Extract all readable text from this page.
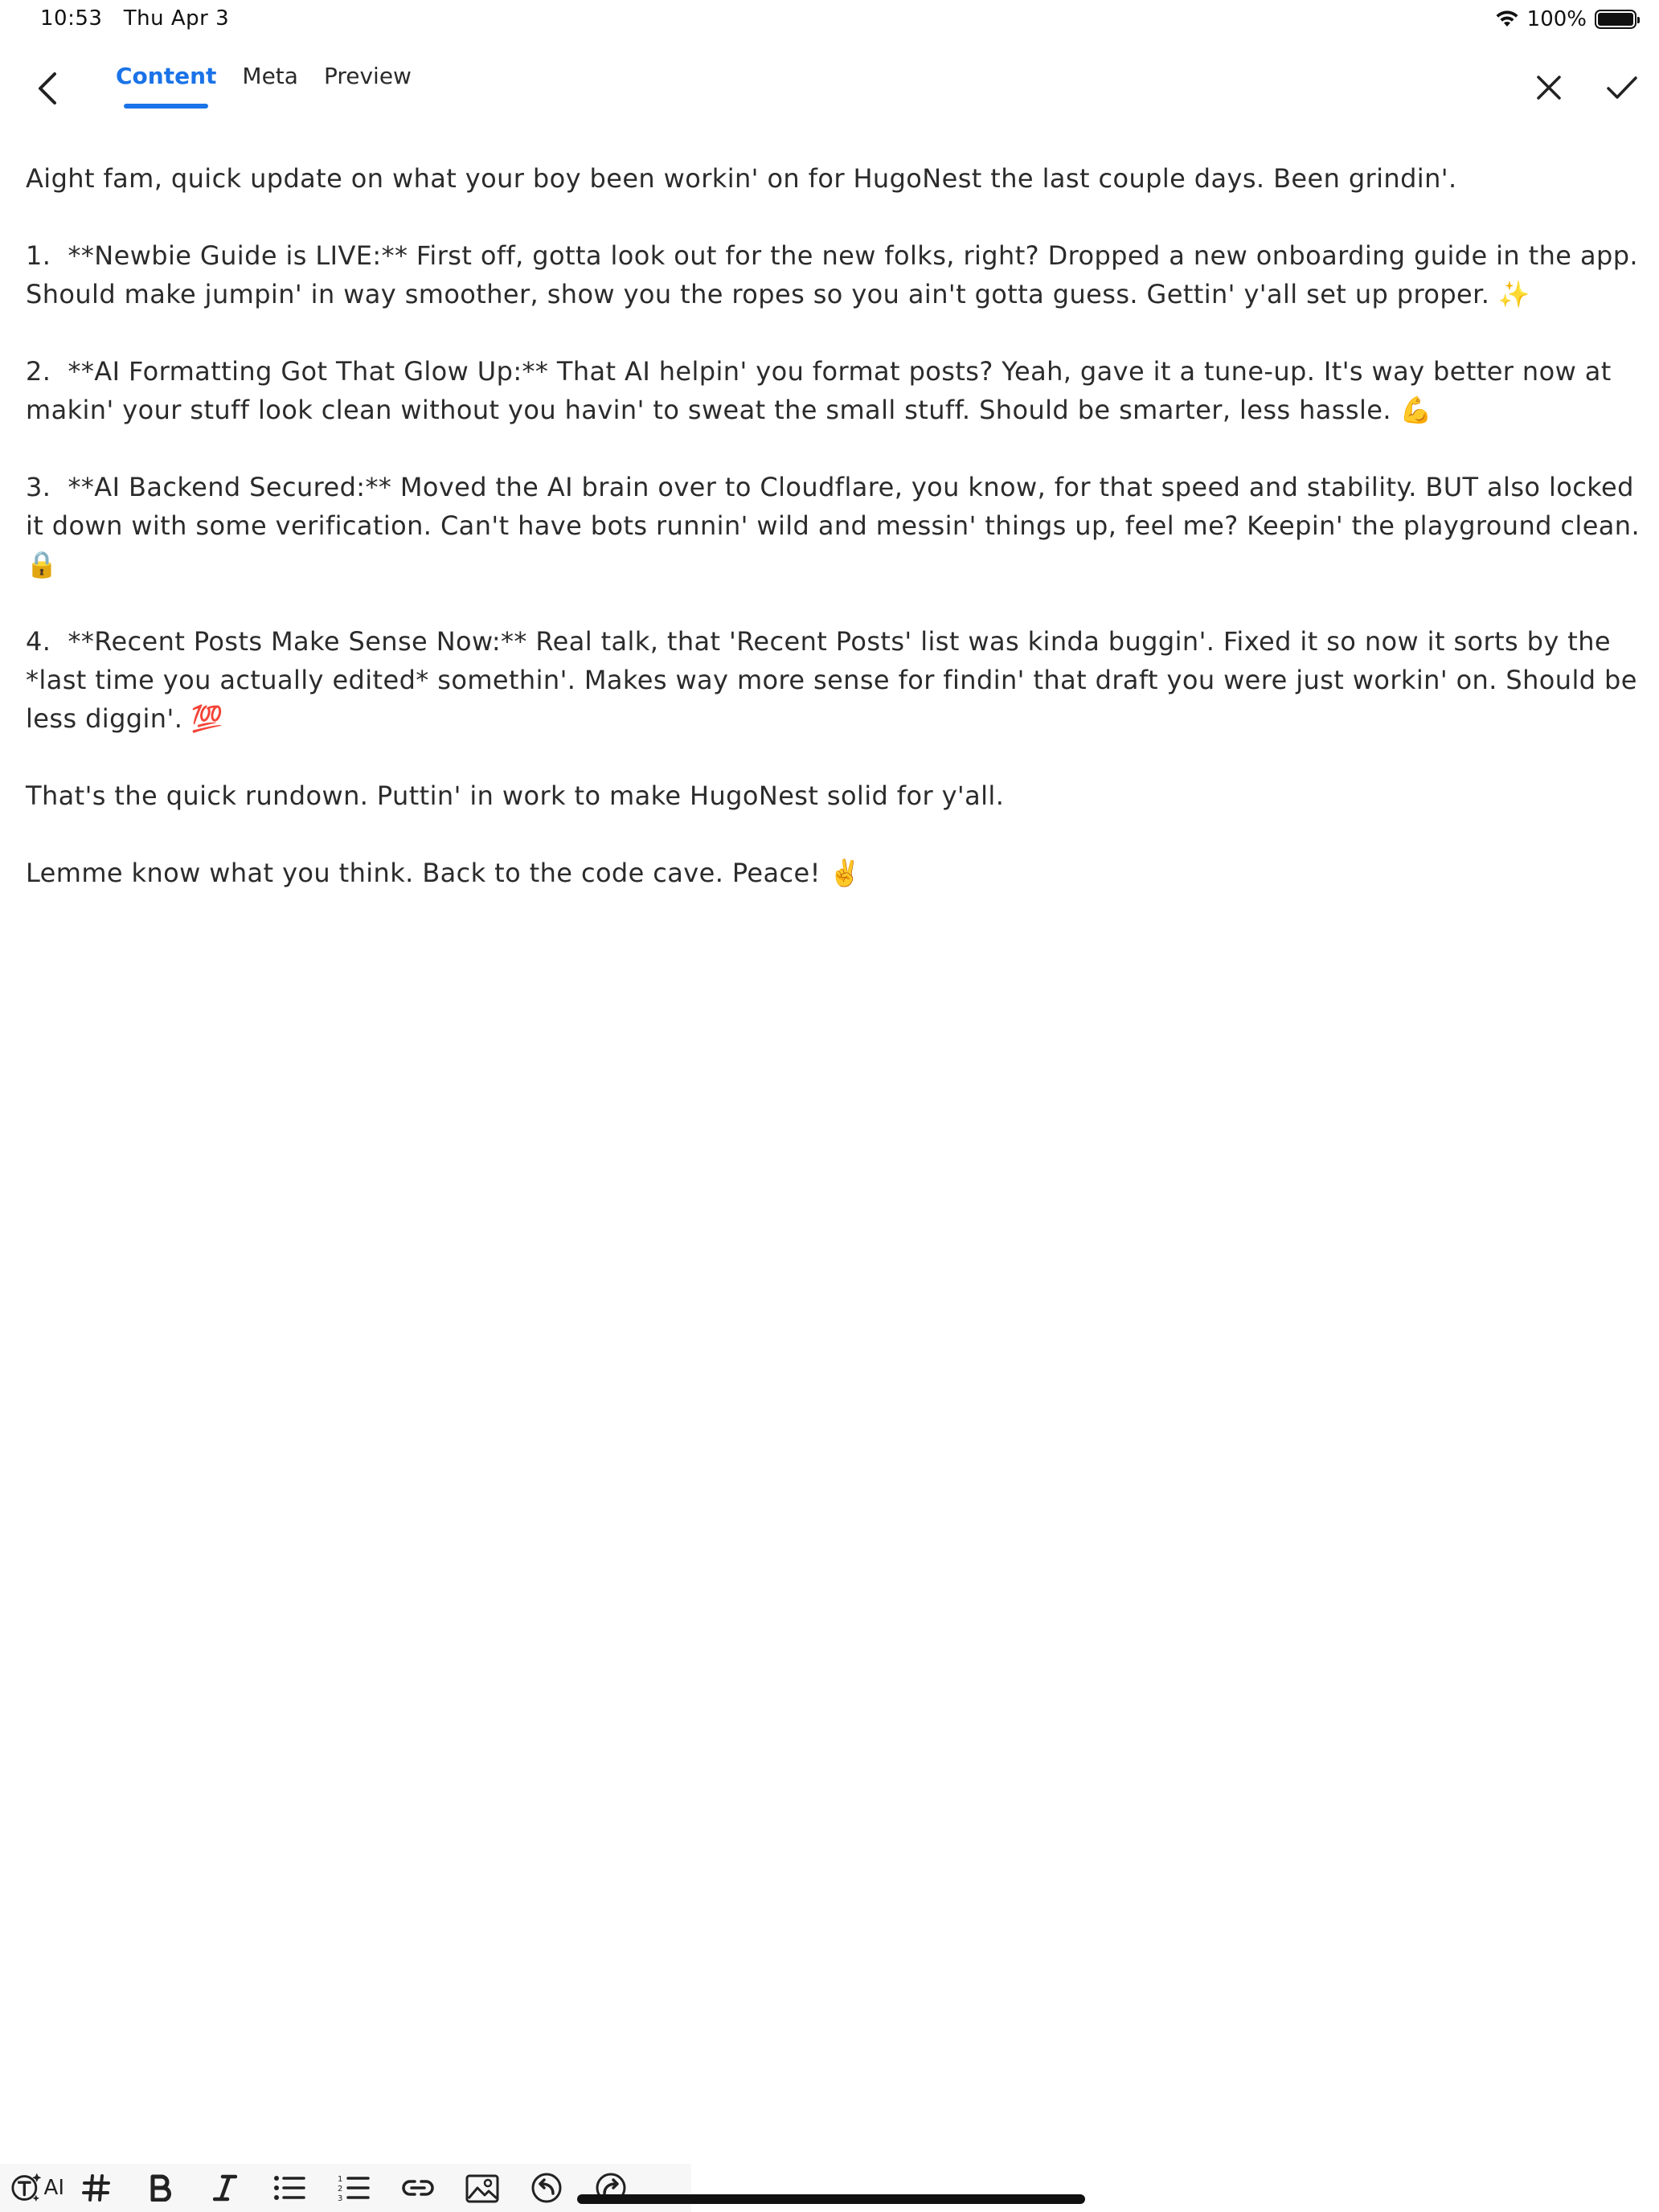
10:53 Thu Apr 3	100%
Content Meta Preview

Aight fam, quick update on what your boy been workin' on for HugoNest the last couple days. Been grindin'.

1.  **Newbie Guide is LIVE:** First off, gotta look out for the new folks, right? Dropped a new onboarding guide in the app. Should make jumpin' in way smoother, show you the ropes so you ain't gotta guess. Gettin' y'all set up proper. ✨

2.  **AI Formatting Got That Glow Up:** That AI helpin' you format posts? Yeah, gave it a tune-up. It's way better now at makin' your stuff look clean without you havin' to sweat the small stuff. Should be smarter, less hassle. 💪

3.  **AI Backend Secured:** Moved the AI brain over to Cloudflare, you know, for that speed and stability. BUT also locked it down with some verification. Can't have bots runnin' wild and messin' things up, feel me? Keepin' the playground clean. 🔒

4.  **Recent Posts Make Sense Now:** Real talk, that 'Recent Posts' list was kinda buggin'. Fixed it so now it sorts by the *last time you actually edited* somethin'. Makes way more sense for findin' that draft you were just workin' on. Should be less diggin'. 💯

That's the quick rundown. Puttin' in work to make HugoNest solid for y'all.

Lemme know what you think. Back to the code cave. Peace! ✌️

AI	1
2
3
